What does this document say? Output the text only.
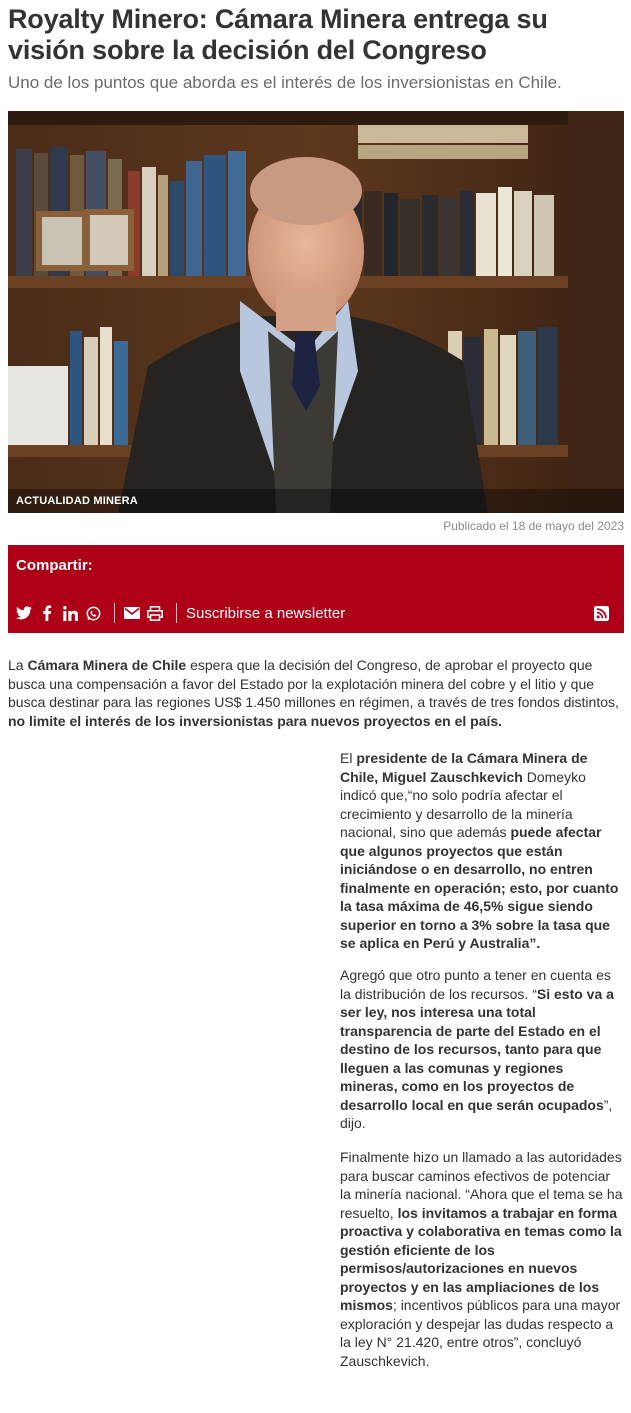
Royalty Minero: Cámara Minera entrega su visión sobre la decisión del Congreso

Uno de los puntos que aborda es el interés de los inversionistas en Chile.

ACTUALIDAD MINERA
Publicado el 18 de mayo del 2023
Compartir:
Suscribirse a newsletter

La Cámara Minera de Chile espera que la decisión del Congreso, de aprobar el proyecto que busca una compensación a favor del Estado por la explotación minera del cobre y el litio y que busca destinar para las regiones US$ 1.450 millones en régimen, a través de tres fondos distintos, no limite el interés de los inversionistas para nuevos proyectos en el país.

El presidente de la Cámara Minera de Chile, Miguel Zauschkevich Domeyko indicó que,“no solo podría afectar el crecimiento y desarrollo de la minería nacional, sino que además puede afectar que algunos proyectos que están iniciándose o en desarrollo, no entren finalmente en operación; esto, por cuanto la tasa máxima de 46,5% sigue siendo superior en torno a 3% sobre la tasa que se aplica en Perú y Australia”.

Agregó que otro punto a tener en cuenta es la distribución de los recursos. “Si esto va a ser ley, nos interesa una total transparencia de parte del Estado en el destino de los recursos, tanto para que lleguen a las comunas y regiones mineras, como en los proyectos de desarrollo local en que serán ocupados”, dijo.

Finalmente hizo un llamado a las autoridades para buscar caminos efectivos de potenciar la minería nacional. “Ahora que el tema se ha resuelto, los invitamos a trabajar en forma proactiva y colaborativa en temas como la gestión eficiente de los permisos/autorizaciones en nuevos proyectos y en las ampliaciones de los mismos; incentivos públicos para una mayor exploración y despejar las dudas respecto a la ley N° 21.420, entre otros”, concluyó Zauschkevich.
